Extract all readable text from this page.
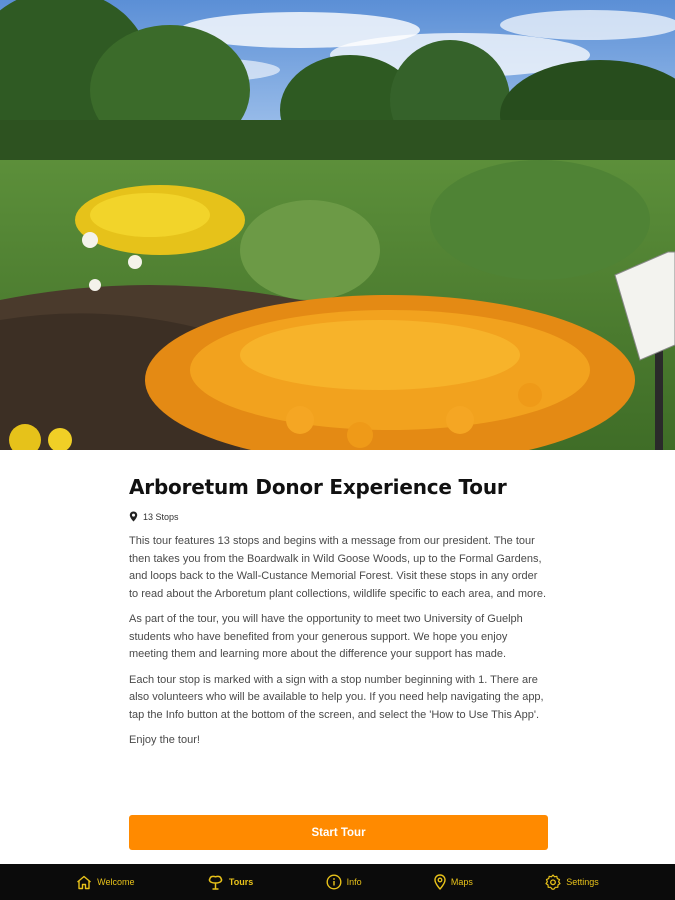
Arboretum Donor Experience Tour
13 Stops

This tour features 13 stops and begins with a message from our president. The tour then takes you from the Boardwalk in Wild Goose Woods, up to the Formal Gardens, and loops back to the Wall-Custance Memorial Forest. Visit these stops in any order to read about the Arboretum plant collections, wildlife specific to each area, and more.

As part of the tour, you will have the opportunity to meet two University of Guelph students who have benefited from your generous support. We hope you enjoy meeting them and learning more about the difference your support has made.

Each tour stop is marked with a sign with a stop number beginning with 1. There are also volunteers who will be available to help you. If you need help navigating the app, tap the Info button at the bottom of the screen, and select the 'How to Use This App'.

Enjoy the tour!

Start Tour
Welcome	Tours	Info	Maps	Settings
